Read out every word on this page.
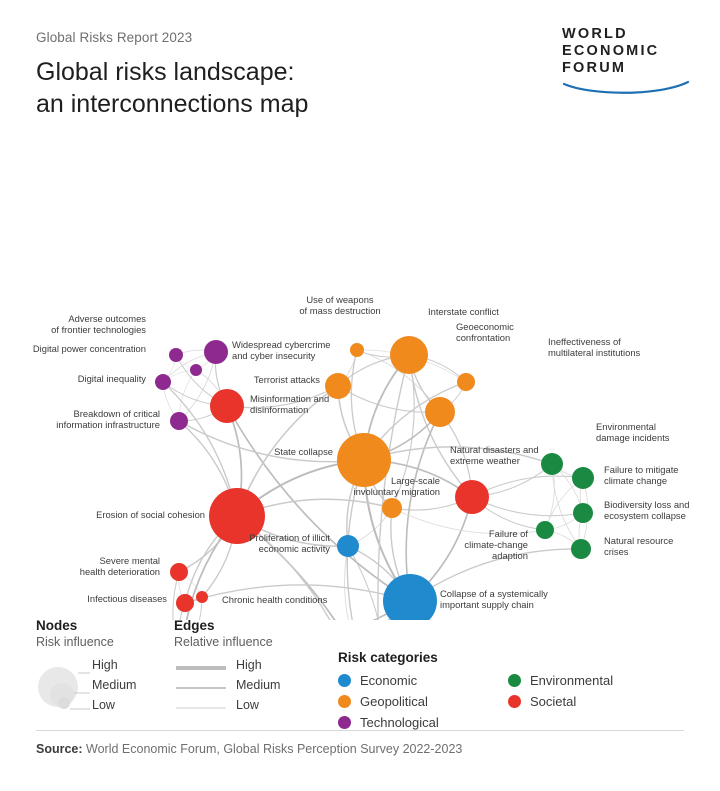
Global Risks Report 2023
Global risks landscape:
an interconnections map
WORLD
ECONOMIC
FORUM
Adverse outcomes of frontier technologies
Digital power concentration	Widespread cybercrime and cyber insecurity
Digital inequality
Breakdown of critical information infrastructure
Misinformation and disinformation
Terrorist attacks
Use of weapons of mass destruction	Interstate conflict
Geoeconomic confrontation	Ineffectiveness of multilateral institutions
State collapse
Large-scale involuntary migration
Natural disasters and extreme weather
Environmental damage incidents
Failure to mitigate climate change
Biodiversity loss and ecosystem collapse
Natural resource crises
Failure of climate-change adaption
Erosion of social cohesion
Proliferation of illicit economic activity
Severe mental health deterioration
Infectious diseases	Chronic health conditions
Collapse of a systemically important supply chain
Nodes
Risk influence
High
Medium
Low
Edges
Relative influence
High
Medium
Low
Risk categories
Economic	Environmental
Geopolitical	Societal
Technological
Source: World Economic Forum, Global Risks Perception Survey 2022-2023
